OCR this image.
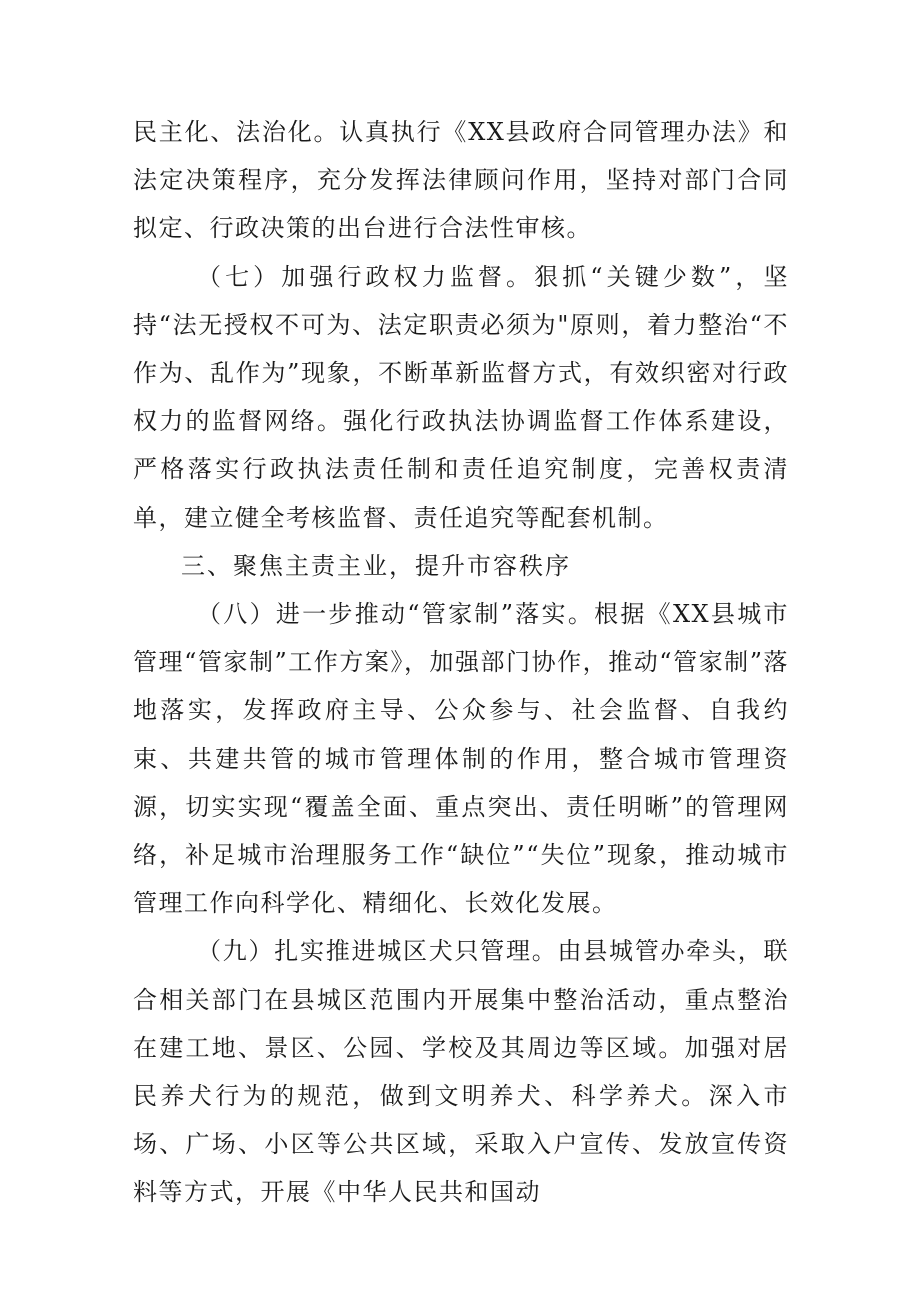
民主化、法治化。认真执行《XX县政府合同管理办法》和法定决策程序，充分发挥法律顾问作用，坚持对部门合同拟定、行政决策的出台进行合法性审核。

（七）加强行政权力监督。狠抓“关键少数”，坚持“法无授权不可为、法定职责必须为"原则，着力整治“不作为、乱作为”现象，不断革新监督方式，有效织密对行政权力的监督网络。强化行政执法协调监督工作体系建设，严格落实行政执法责任制和责任追究制度，完善权责清单，建立健全考核监督、责任追究等配套机制。

三、聚焦主责主业，提升市容秩序

（八）进一步推动“管家制”落实。根据《XX县城市管理“管家制”工作方案》，加强部门协作，推动“管家制”落地落实，发挥政府主导、公众参与、社会监督、自我约束、共建共管的城市管理体制的作用，整合城市管理资源，切实实现“覆盖全面、重点突出、责任明晰”的管理网络，补足城市治理服务工作“缺位”“失位”现象，推动城市管理工作向科学化、精细化、长效化发展。

（九）扎实推进城区犬只管理。由县城管办牵头，联合相关部门在县城区范围内开展集中整治活动，重点整治在建工地、景区、公园、学校及其周边等区域。加强对居民养犬行为的规范，做到文明养犬、科学养犬。深入市场、广场、小区等公共区域，采取入户宣传、发放宣传资料等方式，开展《中华人民共和国动
